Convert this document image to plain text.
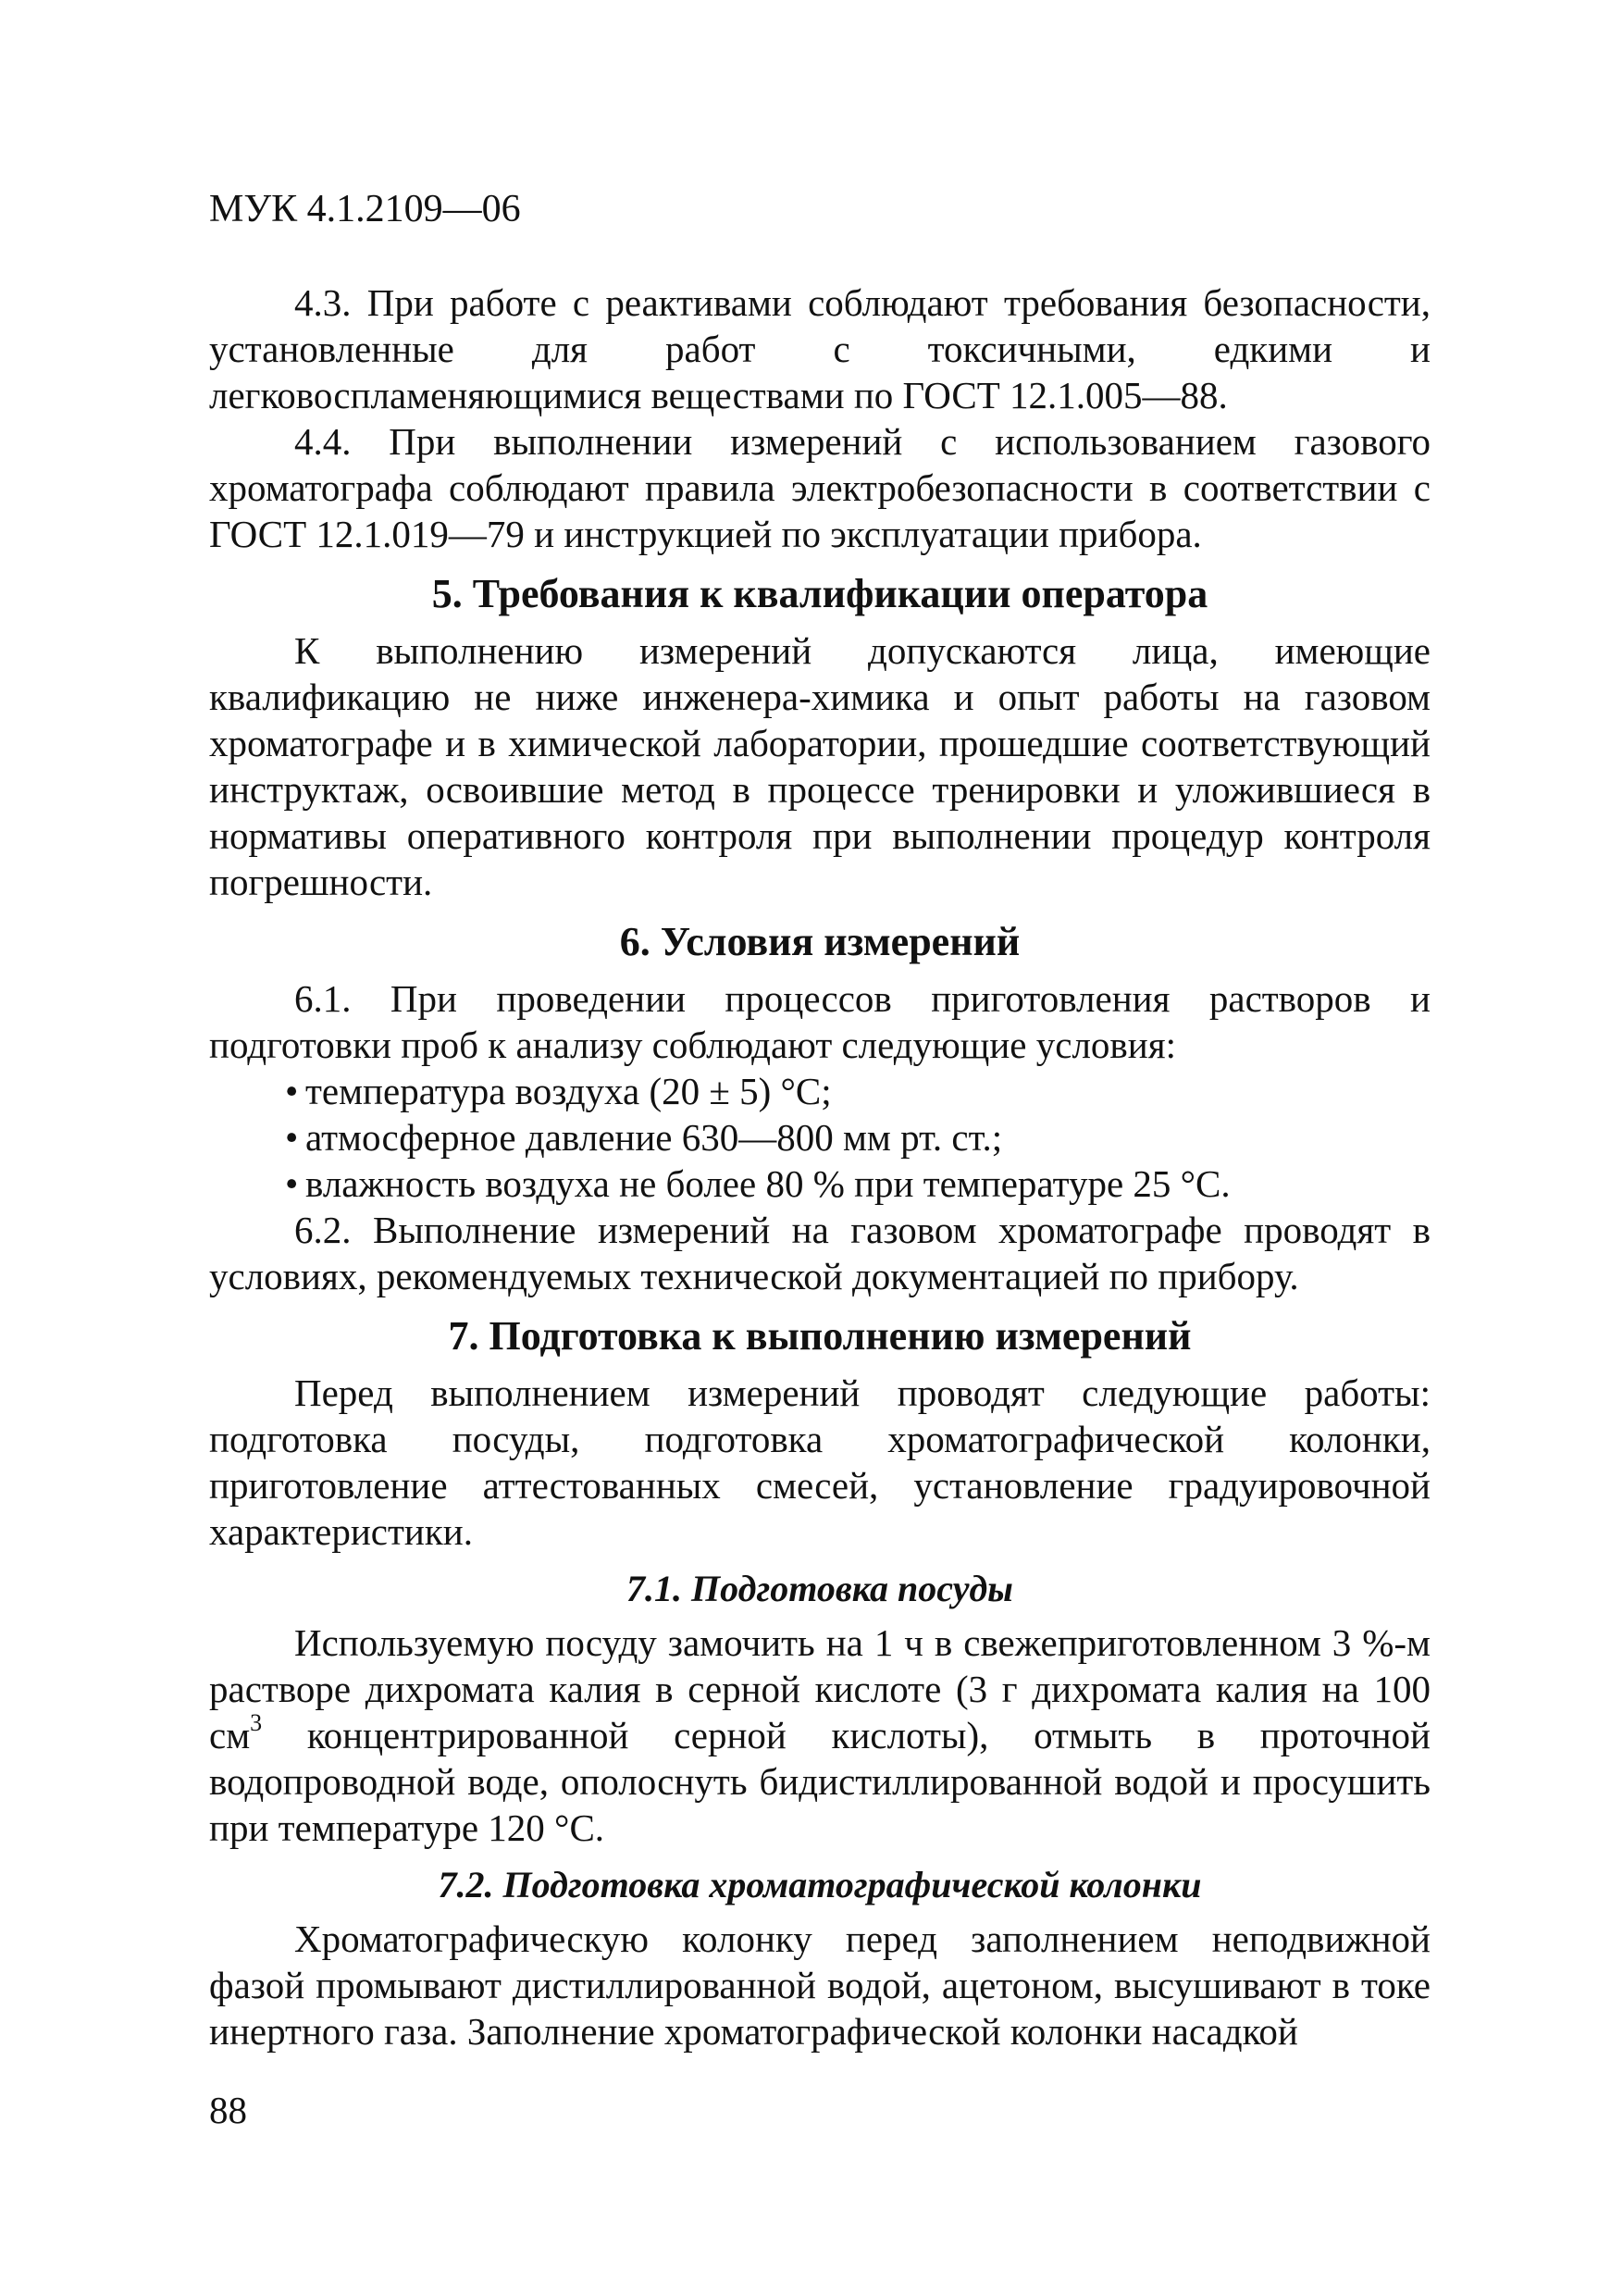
МУК 4.1.2109—06

4.3. При работе с реактивами соблюдают требования безопасности, установленные для работ с токсичными, едкими и легковоспламеняющимися веществами по ГОСТ 12.1.005—88.

4.4. При выполнении измерений с использованием газового хроматографа соблюдают правила электробезопасности в соответствии с ГОСТ 12.1.019—79 и инструкцией по эксплуатации прибора.

5. Требования к квалификации оператора

К выполнению измерений допускаются лица, имеющие квалификацию не ниже инженера-химика и опыт работы на газовом хроматографе и в химической лаборатории, прошедшие соответствующий инструктаж, освоившие метод в процессе тренировки и уложившиеся в нормативы оперативного контроля при выполнении процедур контроля погрешности.

6. Условия измерений

6.1. При проведении процессов приготовления растворов и подготовки проб к анализу соблюдают следующие условия:

• температура воздуха (20 ± 5) °С;

• атмосферное давление 630—800 мм рт. ст.;

• влажность воздуха не более 80 % при температуре 25 °С.

6.2. Выполнение измерений на газовом хроматографе проводят в условиях, рекомендуемых технической документацией по прибору.

7. Подготовка к выполнению измерений

Перед выполнением измерений проводят следующие работы: подготовка посуды, подготовка хроматографической колонки, приготовление аттестованных смесей, установление градуировочной характеристики.

7.1. Подготовка посуды

Используемую посуду замочить на 1 ч в свежеприготовленном 3 %-м растворе дихромата калия в серной кислоте (3 г дихромата калия на 100 $см^3$ концентрированной серной кислоты), отмыть в проточной водопроводной воде, ополоснуть бидистиллированной водой и просушить при температуре 120 °С.

7.2. Подготовка хроматографической колонки

Хроматографическую колонку перед заполнением неподвижной фазой промывают дистиллированной водой, ацетоном, высушивают в токе инертного газа. Заполнение хроматографической колонки насадкой

88
